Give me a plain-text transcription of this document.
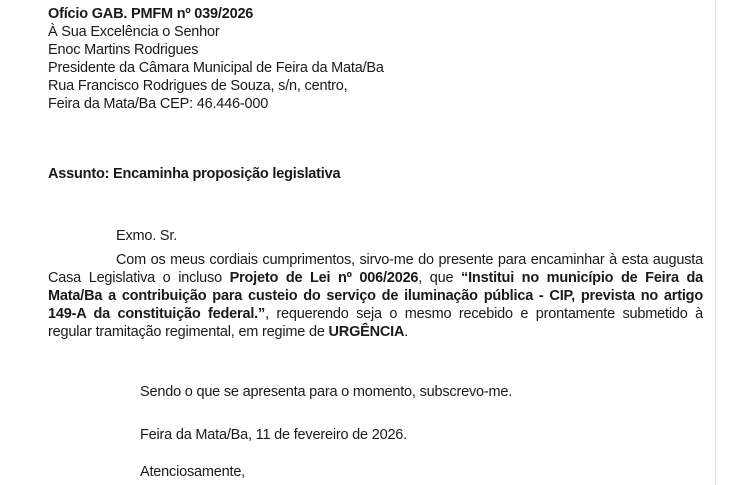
Ofício GAB. PMFM nº 039/2026
À Sua Excelência o Senhor
Enoc Martins Rodrigues
Presidente da Câmara Municipal de Feira da Mata/Ba
Rua Francisco Rodrigues de Souza, s/n, centro,
Feira da Mata/Ba CEP: 46.446-000
Assunto: Encaminha proposição legislativa
Exmo. Sr.
Com os meus cordiais cumprimentos, sirvo-me do presente para encaminhar à esta augusta Casa Legislativa o incluso Projeto de Lei nº 006/2026, que “Institui no município de Feira da Mata/Ba a contribuição para custeio do serviço de iluminação pública - CIP, prevista no artigo 149-A da constituição federal.”, requerendo seja o mesmo recebido e prontamente submetido à regular tramitação regimental, em regime de URGÊNCIA.
Sendo o que se apresenta para o momento, subscrevo-me.
Feira da Mata/Ba, 11 de fevereiro de 2026.
Atenciosamente,
